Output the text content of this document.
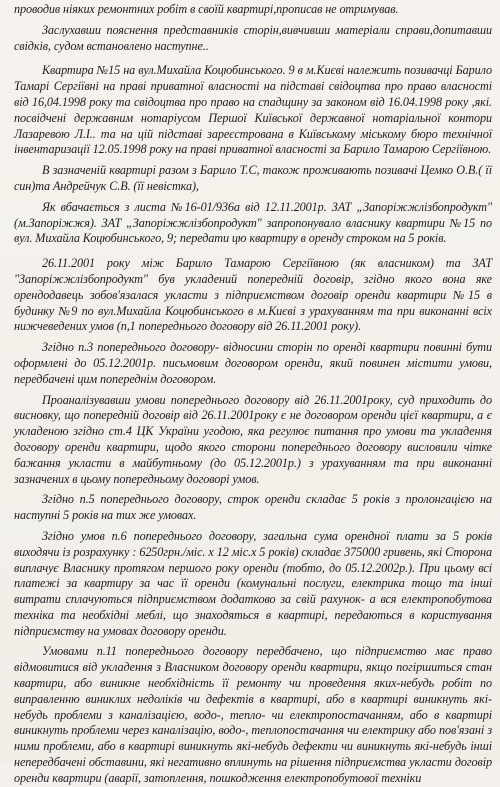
проводив ніяких ремонтних робіт в своїй квартирі,прописав не отримував.

Заслухавши пояснення представників сторін,вивчивши матеріали справи,допитавши свідків, судом встановлено наступне..

Квартира №15 на вул.Михайла Коцюбинського. 9 в м.Києві належить позивачці Барило Тамарі Сергіївні на праві приватної власності на підставі свідоцтва про право власності від 16,04.1998 року та свідоцтва про право на спадщину за законом від 16.04.1998 року ,які. посвідчені державним нотаріусом Першої Київської державної нотаріальної контори Лазаревою Л.І.. та на цій підставі зареєстрована в Київському міському бюро технічної інвентаризації 12.05.1998 року на праві приватної власності за Барило Тамарою Сергіївною.

В зазначеній квартирі разом з Барило Т.С, також проживають позивачі Цемко О.В.( її син)та Андрейчук С.В. (її невістка),

Як вбачається з листа №16-01/936а від 12.11.2001р. ЗАТ „Запоріжжлізбопродукт" (м.Запоріжжя). ЗАТ „Запоріжжлізбопродукт" запропонувало власнику квартири №15 по вул. Михайла Коцюбинського, 9; передати цю квартиру в оренду строком на 5 років.

26.11.2001 року між Барило Тамарою Сергіївною (як власником) та ЗАТ "Запоріжжлізбопродукт" був укладений попередній договір, згідно якого вона яке орендодавець зобов'язалася укласти з підприємством договір оренди квартири №15 в будинку №9 по вул.Михайла Коцюбинського в м.Києві з урахуванням та при виконанні всіх нижчеведених умов (п,1 попереднього договору від 26.11.2001 року).

Згідно п.3 попереднього договору- відносини сторін по оренді квартири повинні бути оформлені до 05.12.2001р. письмовим договором оренди, який повинен містити умови, передбачені цим попереднім договором.

Проаналізувавши умови попереднього договору від 26.11.2001року, суд приходить до висновку, що попередній договір від 26.11.2001року є не договором оренди цієї квартири, а є укладеною згідно ст.4 ЦК України угодою, яка регулює питання про умови та укладення договору оренди квартири, щодо якого сторони попереднього договору висловили чітке бажання укласти в майбутньому (до 05.12.2001р.) з урахуванням та при виконанні зазначених в цьому попередньому договорі умов.

Згідно п.5 попереднього договору, строк оренди складає 5 років з пролонгацією на наступні 5 років на тих же умовах.

Згідно умов п.6 попереднього договору, загальна сума орендної плати за 5 років виходячи із розрахунку : 6250грн./міс. х 12 міс.х 5 років) складає 375000 гривень, які Сторона виплачує Власнику протягом першого року оренди (тобто, до 05.12.2002р.). При цьому всі платежі за квартиру за час її оренди (комунальні послуги, електрика тощо та інші витрати сплачуються підприємством додатково за свій рахунок- а вся електропобутова техніка та необхідні меблі, що знаходяться в квартирі, передаються в користування підприємству на умовах договору оренди.

Умовами п.11 попереднього договору передбачено, що підприємство має право відмовитися від укладення з Власником договору оренди квартири, якщо погіршиться стан квартири, або виникне необхідність її ремонту чи проведення яких-небудь робіт по виправленню виниклих недоліків чи дефектів в квартирі, або в квартирі виникнуть які-небудь проблеми з каналізацією, водо-, тепло- чи електропостачанням, або в квартирі виникнуть проблеми через каналізацію, водо-, теплопостачання чи електрику або пов'язані з ними проблеми, або в квартирі виникнуть які-небудь дефекти чи виникнуть які-небудь інші непередбачені обставини, які негативно вплинуть на рішення підприємства укласти договір оренди квартири (аварії, затоплення, пошкодження електропобутової техніки
